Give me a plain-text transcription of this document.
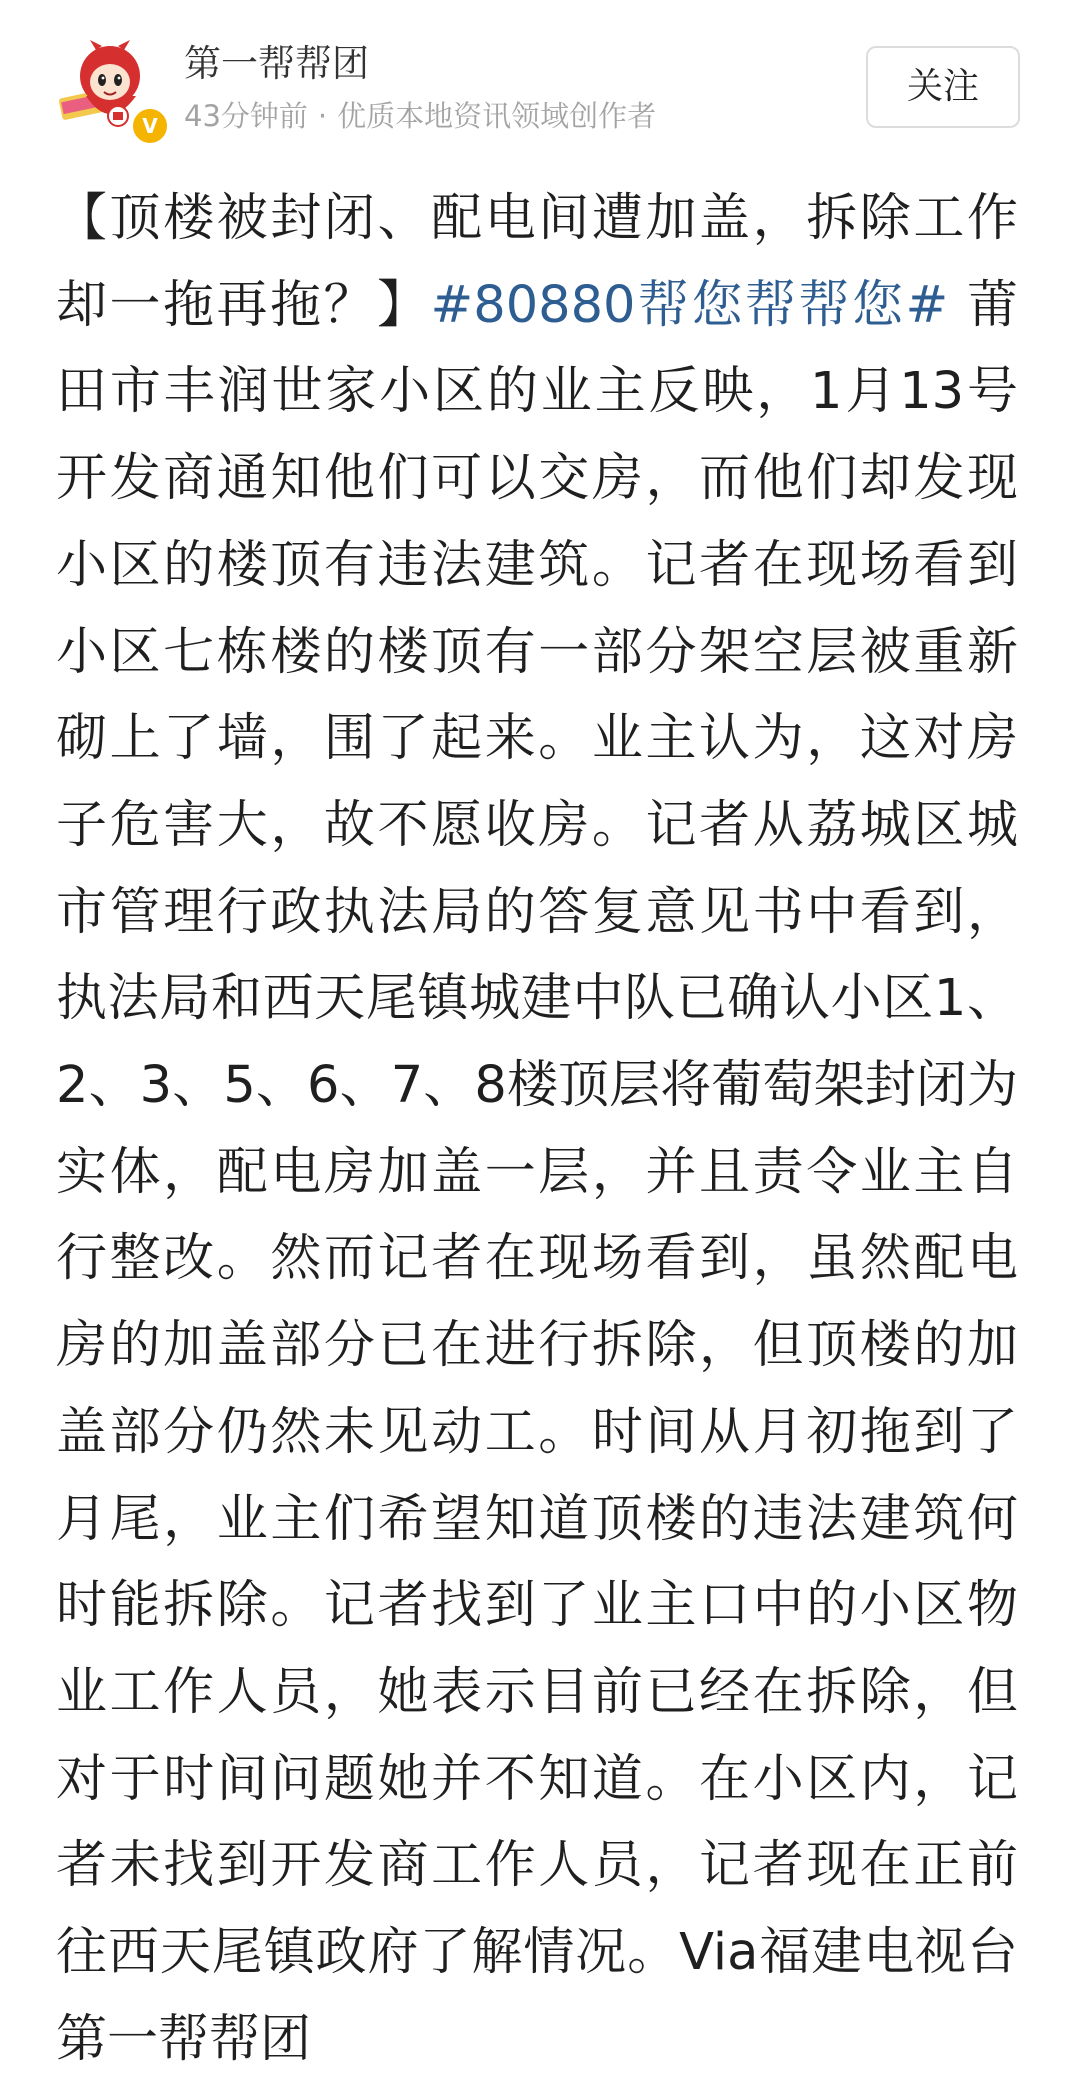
V
第一帮帮团
43分钟前 · 优质本地资讯领域创作者
关注

【顶楼被封闭、配电间遭加盖，拆除工作却一拖再拖？】#80880帮您帮帮您# 莆田市丰润世家小区的业主反映，1月13号开发商通知他们可以交房，而他们却发现小区的楼顶有违法建筑。记者在现场看到小区七栋楼的楼顶有一部分架空层被重新砌上了墙，围了起来。业主认为，这对房子危害大，故不愿收房。记者从荔城区城市管理行政执法局的答复意见书中看到，执法局和西天尾镇城建中队已确认小区1、2、3、5、6、7、8楼顶层将葡萄架封闭为实体，配电房加盖一层，并且责令业主自行整改。然而记者在现场看到，虽然配电房的加盖部分已在进行拆除，但顶楼的加盖部分仍然未见动工。时间从月初拖到了月尾，业主们希望知道顶楼的违法建筑何时能拆除。记者找到了业主口中的小区物业工作人员，她表示目前已经在拆除，但对于时间问题她并不知道。在小区内，记者未找到开发商工作人员，记者现在正前往西天尾镇政府了解情况。Via福建电视台第一帮帮团
